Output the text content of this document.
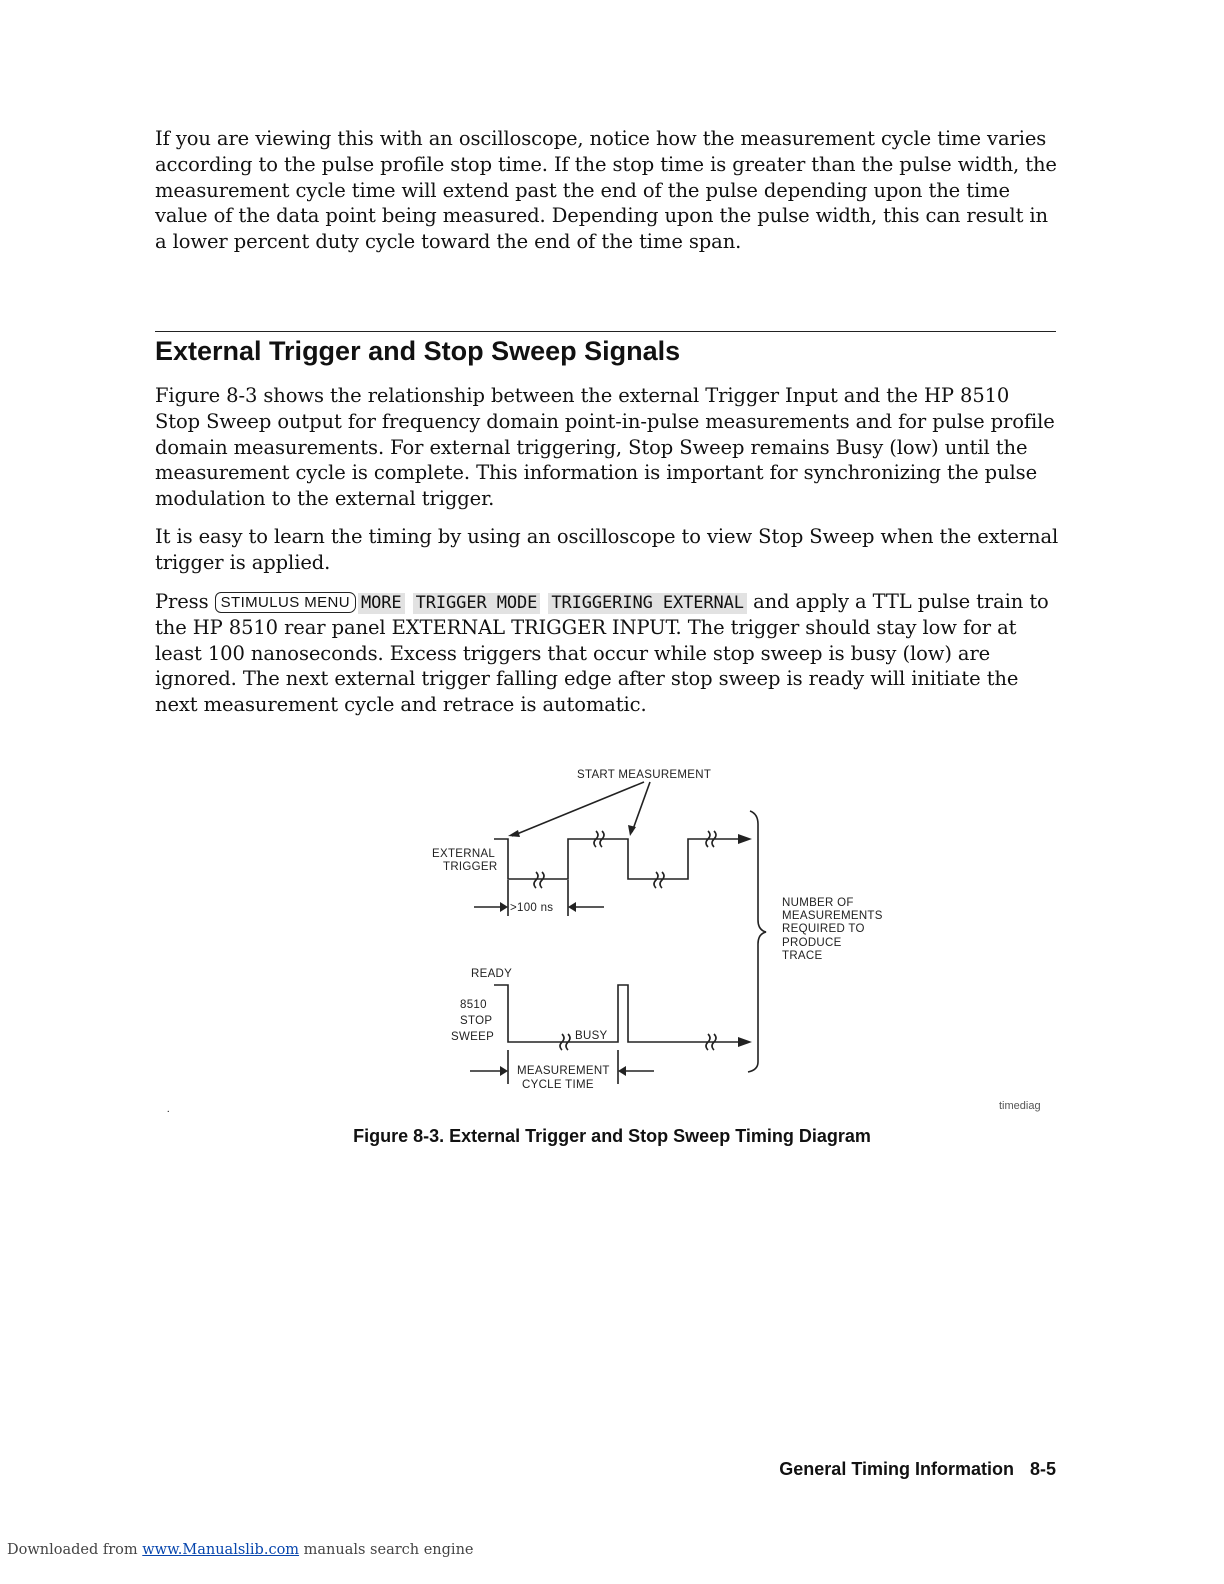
If you are viewing this with an oscilloscope, notice how the measurement cycle time varies according to the pulse profile stop time. If the stop time is greater than the pulse width, the measurement cycle time will extend past the end of the pulse depending upon the time value of the data point being measured. Depending upon the pulse width, this can result in a lower percent duty cycle toward the end of the time span.

External Trigger and Stop Sweep Signals

Figure 8-3 shows the relationship between the external Trigger Input and the HP 8510 Stop Sweep output for frequency domain point-in-pulse measurements and for pulse profile domain measurements. For external triggering, Stop Sweep remains Busy (low) until the measurement cycle is complete. This information is important for synchronizing the pulse modulation to the external trigger.

It is easy to learn the timing by using an oscilloscope to view Stop Sweep when the external trigger is applied.

Press STIMULUS MENU MORE TRIGGER MODE TRIGGERING EXTERNAL and apply a TTL pulse train to the HP 8510 rear panel EXTERNAL TRIGGER INPUT. The trigger should stay low for at least 100 nanoseconds. Excess triggers that occur while stop sweep is busy (low) are ignored. The next external trigger falling edge after stop sweep is ready will initiate the next measurement cycle and retrace is automatic.

START MEASUREMENT
EXTERNAL
TRIGGER
>100 ns
READY
8510
STOP
SWEEP	BUSY
MEASUREMENT
CYCLE TIME
NUMBER OF
MEASUREMENTS
REQUIRED TO
PRODUCE
TRACE
.	timediag

Figure 8-3. External Trigger and Stop Sweep Timing Diagram

General Timing Information 8-5
Downloaded from www.Manualslib.com manuals search engine
